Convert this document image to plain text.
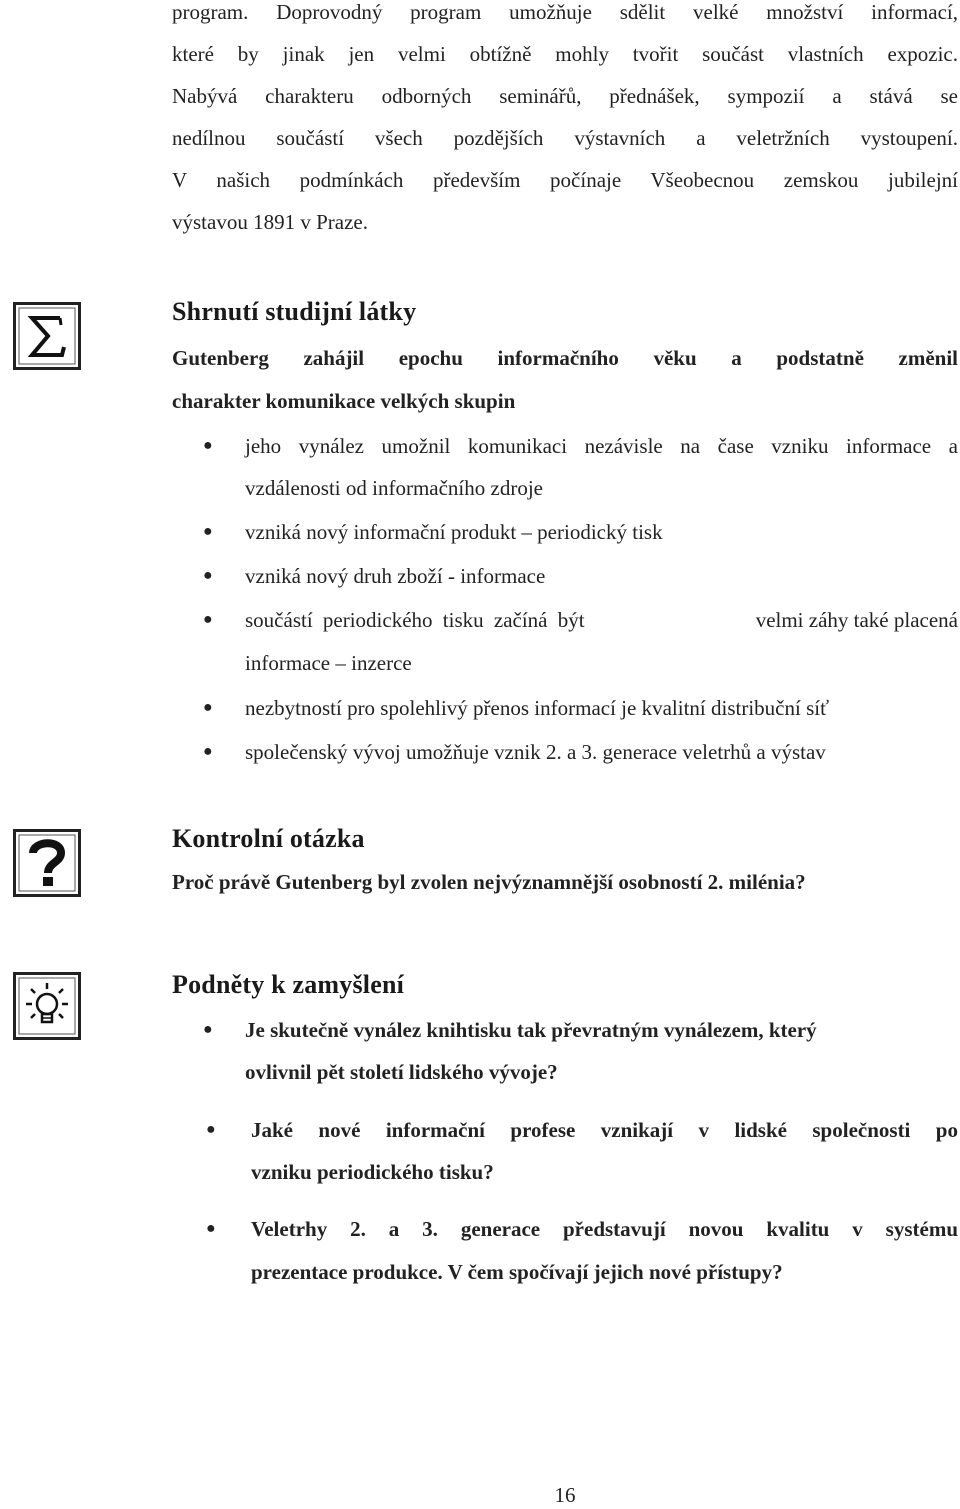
program. Doprovodný program umožňuje sdělit velké množství informací,
které by jinak jen velmi obtížně mohly tvořit součást vlastních expozic.
Nabývá charakteru odborných seminářů, přednášek, sympozií a stává se
nedílnou součástí všech pozdějších výstavních a veletržních vystoupení.
V našich podmínkách především počínaje Všeobecnou zemskou jubilejní
výstavou 1891 v Praze.
Shrnutí studijní látky
Gutenberg zahájil epochu informačního věku a podstatně změnil
charakter komunikace velkých skupin
● jeho vynález umožnil komunikaci nezávisle na čase vzniku informace a
vzdálenosti od informačního zdroje
● vzniká nový informační produkt – periodický tisk
● vzniká nový druh zboží - informace
● součástí periodického tisku začíná být	velmi záhy také placená
informace – inzerce
● nezbytností pro spolehlivý přenos informací je kvalitní distribuční síť
● společenský vývoj umožňuje vznik 2. a 3. generace veletrhů a výstav
Kontrolní otázka
Proč právě Gutenberg byl zvolen nejvýznamnější osobností 2. milénia?
Podněty k zamyšlení
● Je skutečně vynález knihtisku tak převratným vynálezem, který
ovlivnil pět století lidského vývoje?
● Jaké nové informační profese vznikají v lidské společnosti po
vzniku periodického tisku?
● Veletrhy 2. a 3. generace představují novou kvalitu v systému
prezentace produkce. V čem spočívají jejich nové přístupy?
16
